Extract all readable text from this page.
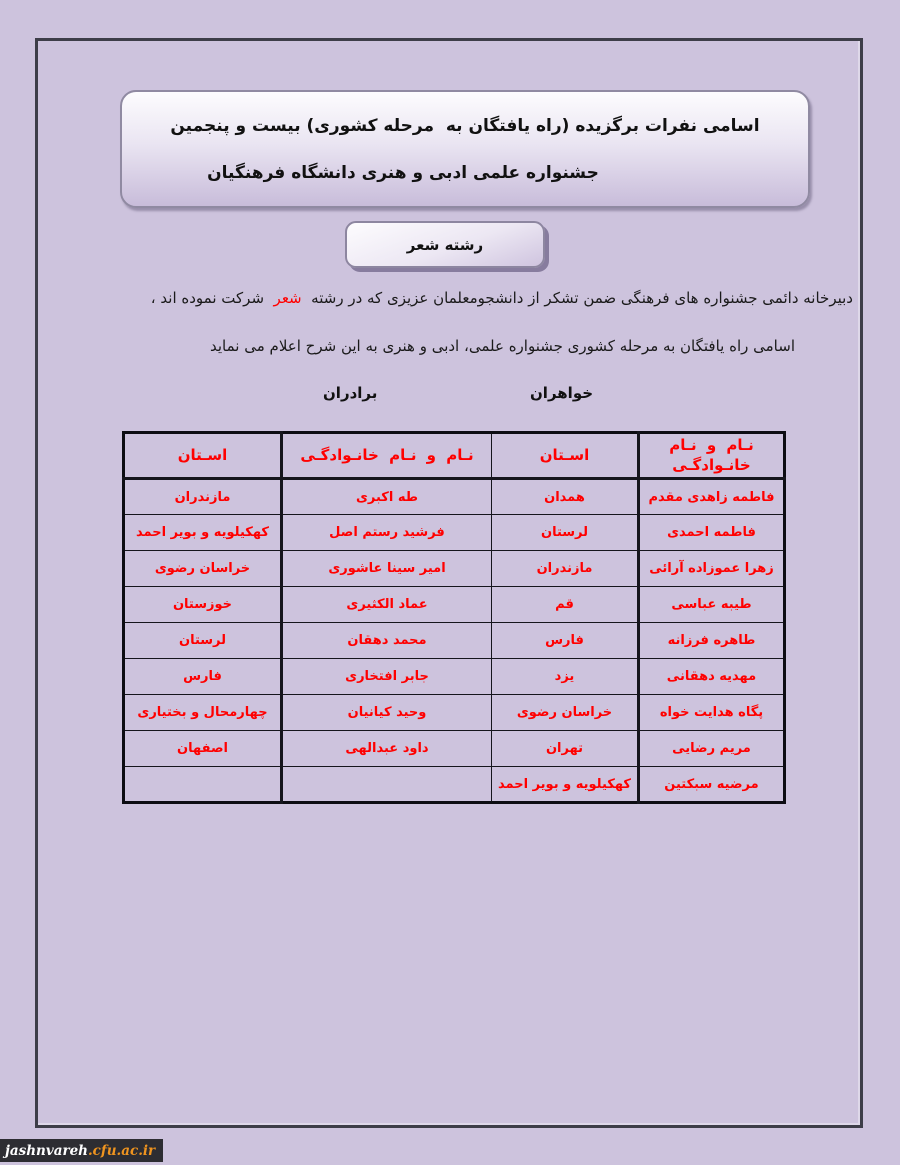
اسامی نفرات برگزیده (راه یافتگان به  مرحله کشوری) بیست و پنجمین
جشنواره علمی ادبی و هنری دانشگاه فرهنگیان
رشته شعر
دبیرخانه دائمی جشنواره های فرهنگی ضمن تشکر از دانشجومعلمان عزیزی که در رشته  شعر  شرکت نموده اند ،
اسامی راه یافتگان به مرحله کشوری جشنواره علمی، ادبی و هنری به این شرح اعلام می نماید
خواهران
برادران
نـام و نـام خانـوادگـی	اسـتان	نـام و نـام خانـوادگـی	اسـتان
فاطمه زاهدی مقدم	همدان	طه اکبری	مازندران
فاطمه احمدی	لرستان	فرشید رستم اصل	کهکیلویه و بویر احمد
زهرا عموزاده آرائی	مازندران	امیر سینا عاشوری	خراسان رضوی
طیبه عباسی	قم	عماد الکثیری	خوزستان
طاهره فرزانه	فارس	محمد دهقان	لرستان
مهدیه دهقانی	یزد	جابر افتخاری	فارس
پگاه هدایت خواه	خراسان رضوی	وحید کیانیان	چهارمحال و بختیاری
مریم رضایی	تهران	داود عبدالهی	اصفهان
مرضیه سبکتین	کهکیلویه و بویر احمد		
jashnvareh .cfu.ac.ir
